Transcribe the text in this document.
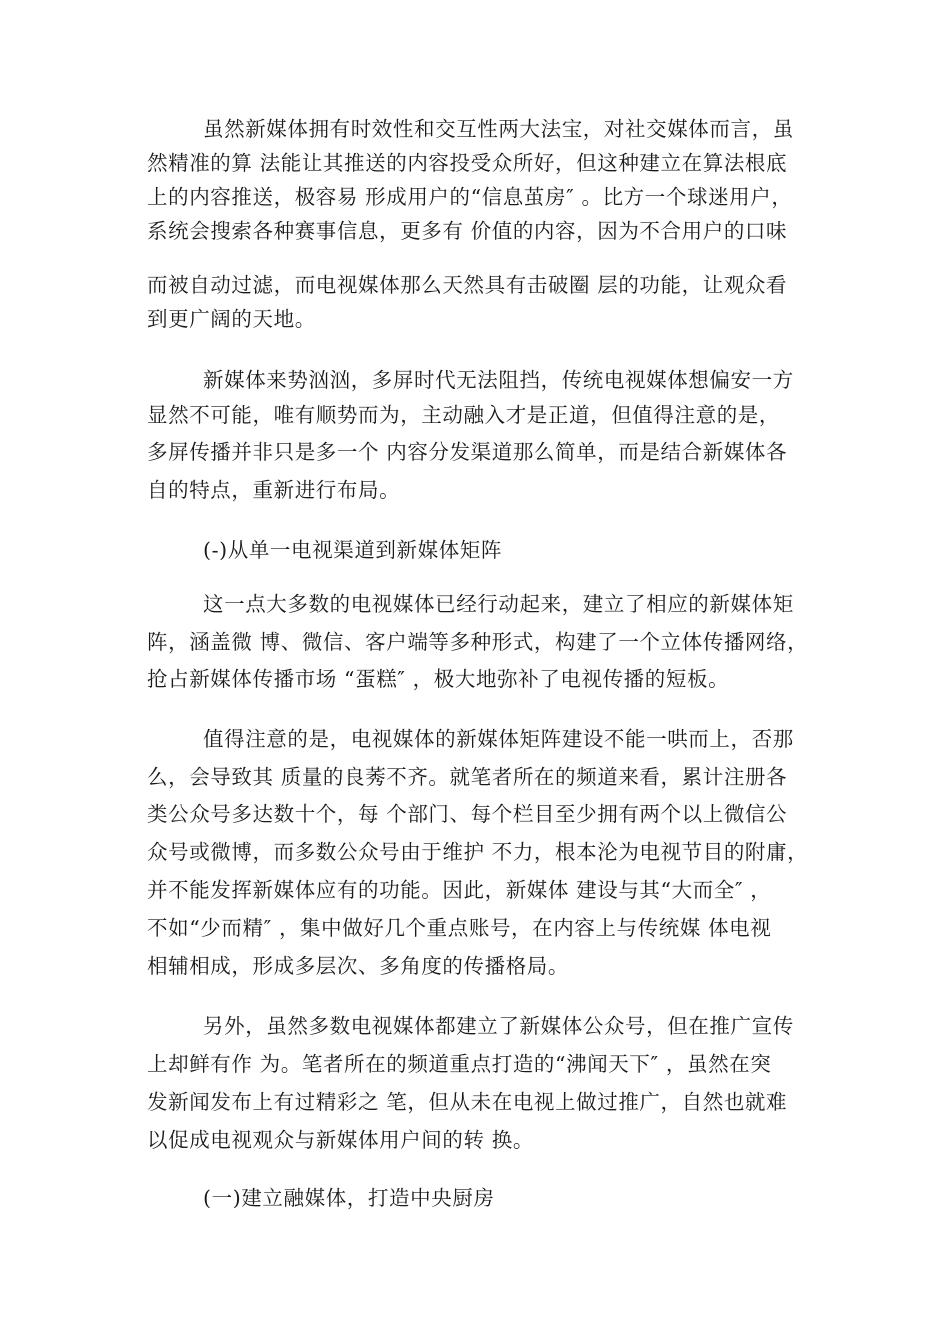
虽然新媒体拥有时效性和交互性两大法宝，对社交媒体而言，虽
然精准的算 法能让其推送的内容投受众所好，但这种建立在算法根底
上的内容推送，极容易 形成用户的“信息茧房″ 。比方一个球迷用户，
系统会搜索各种赛事信息，更多有 价值的内容，因为不合用户的口味
而被自动过滤，而电视媒体那么天然具有击破圈 层的功能，让观众看
到更广阔的天地。
新媒体来势汹汹，多屏时代无法阻挡，传统电视媒体想偏安一方
显然不可能，唯有顺势而为，主动融入才是正道，但值得注意的是，
多屏传播并非只是多一个 内容分发渠道那么简单，而是结合新媒体各
自的特点，重新进行布局。
(-)从单一电视渠道到新媒体矩阵
这一点大多数的电视媒体已经行动起来，建立了相应的新媒体矩
阵，涵盖微 博、微信、客户端等多种形式，构建了一个立体传播网络，
抢占新媒体传播市场 “蛋糕″ ，极大地弥补了电视传播的短板。
值得注意的是，电视媒体的新媒体矩阵建设不能一哄而上，否那
么，会导致其 质量的良莠不齐。就笔者所在的频道来看，累计注册各
类公众号多达数十个，每 个部门、每个栏目至少拥有两个以上微信公
众号或微博，而多数公众号由于维护 不力，根本沦为电视节目的附庸，
并不能发挥新媒体应有的功能。因此，新媒体 建设与其“大而全″ ，
不如“少而精″ ，集中做好几个重点账号，在内容上与传统媒 体电视
相辅相成，形成多层次、多角度的传播格局。
另外，虽然多数电视媒体都建立了新媒体公众号，但在推广宣传
上却鲜有作 为。笔者所在的频道重点打造的“沸闻天下″ ，虽然在突
发新闻发布上有过精彩之 笔，但从未在电视上做过推广，自然也就难
以促成电视观众与新媒体用户间的转 换。
(一)建立融媒体，打造中央厨房
